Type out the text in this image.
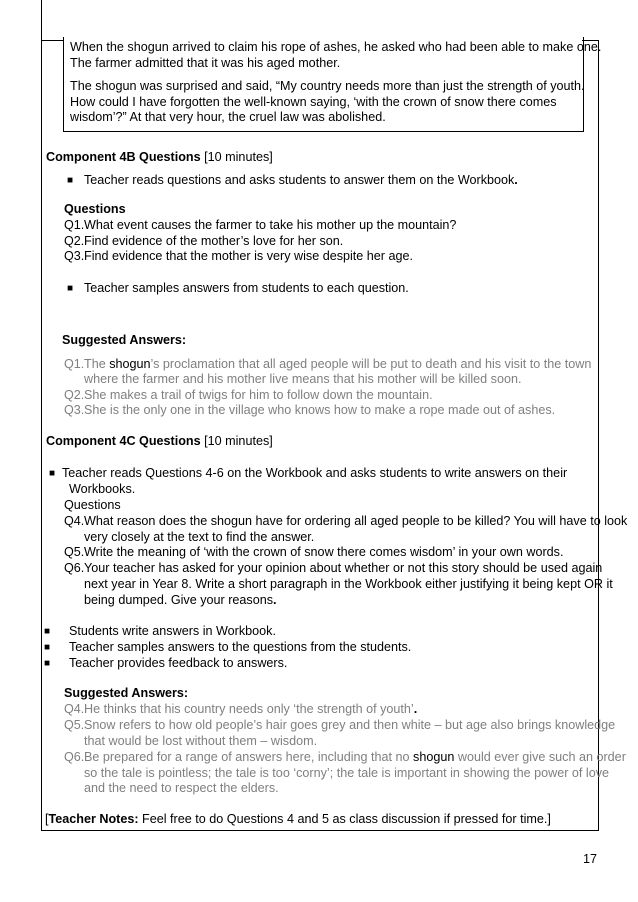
When the shogun arrived to claim his rope of ashes, he asked who had been able to make one.
The farmer admitted that it was his aged mother.
The shogun was surprised and said, “My country needs more than just the strength of youth.
How could I have forgotten the well-known saying, ‘with the crown of snow there comes
wisdom’?” At that very hour, the cruel law was abolished.
Component 4B Questions [10 minutes]
■ Teacher reads questions and asks students to answer them on the Workbook.
Questions
Q1.What event causes the farmer to take his mother up the mountain?
Q2.Find evidence of the mother’s love for her son.
Q3.Find evidence that the mother is very wise despite her age.
■ Teacher samples answers from students to each question.
Suggested Answers:
Q1.The shogun’s proclamation that all aged people will be put to death and his visit to the town
where the farmer and his mother live means that his mother will be killed soon.
Q2.She makes a trail of twigs for him to follow down the mountain.
Q3.She is the only one in the village who knows how to make a rope made out of ashes.
Component 4C Questions [10 minutes]
■ Teacher reads Questions 4-6 on the Workbook and asks students to write answers on their
Workbooks.
Questions
Q4.What reason does the shogun have for ordering all aged people to be killed? You will have to look
very closely at the text to find the answer.
Q5.Write the meaning of ‘with the crown of snow there comes wisdom’ in your own words.
Q6.Your teacher has asked for your opinion about whether or not this story should be used again
next year in Year 8. Write a short paragraph in the Workbook either justifying it being kept OR it
being dumped. Give your reasons.
■ Students write answers in Workbook.
■ Teacher samples answers to the questions from the students.
■ Teacher provides feedback to answers.
Suggested Answers:
Q4.He thinks that his country needs only ‘the strength of youth’.
Q5.Snow refers to how old people’s hair goes grey and then white – but age also brings knowledge
that would be lost without them – wisdom.
Q6.Be prepared for a range of answers here, including that no shogun would ever give such an order
so the tale is pointless; the tale is too ‘corny’; the tale is important in showing the power of love
and the need to respect the elders.
[Teacher Notes: Feel free to do Questions 4 and 5 as class discussion if pressed for time.]
17
